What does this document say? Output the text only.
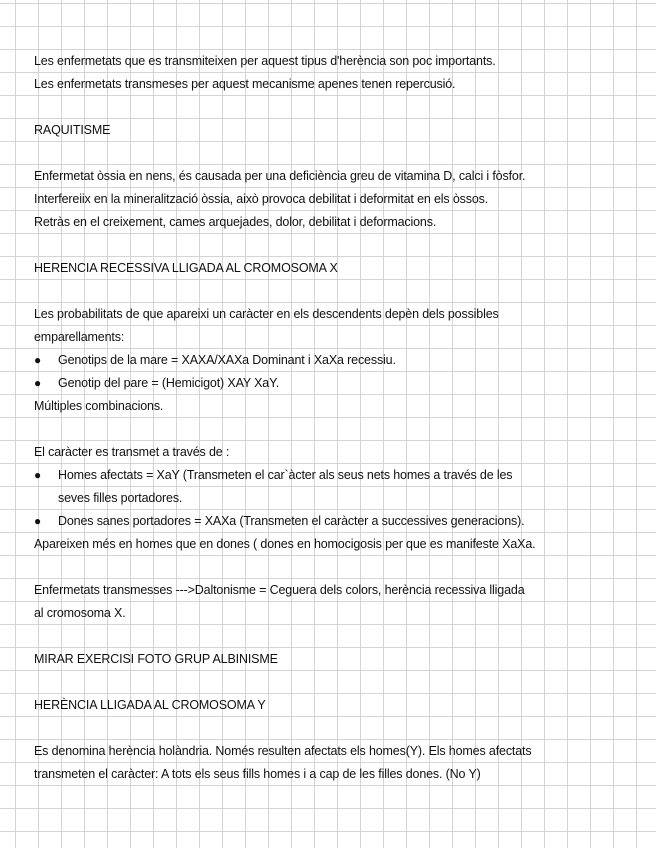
Les enfermetats que es transmiteixen per aquest tipus d'herència son poc importants.
Les enfermetats transmeses per aquest mecanisme apenes tenen repercusió.
RAQUITISME
Enfermetat òssia en nens, és causada per una deficiència greu de vitamina D, calci i fòsfor.
Interfereiix en la mineralització òssia, això provoca debilitat i deformitat en els òssos.
Retràs en el creixement, cames arquejades, dolor, debilitat i deformacions.
HERENCIA RECESSIVA LLIGADA AL CROMOSOMA X
Les probabilitats de que apareixi un caràcter en els descendents depèn dels possibles
emparellaments:
● Genotips de la mare = XAXA/XAXa Dominant i XaXa recessiu.
● Genotip del pare = (Hemicigot) XAY XaY.
Múltiples combinacions.
El caràcter es transmet a través de :
● Homes afectats = XaY (Transmeten el car`àcter als seus nets homes a través de les
seves filles portadores.
● Dones sanes portadores = XAXa (Transmeten el caràcter a successives generacions).
Apareixen més en homes que en dones ( dones en homocigosis per que es manifeste XaXa.
Enfermetats transmesses --->Daltonisme = Ceguera dels colors, herència recessiva lligada
al cromosoma X.
MIRAR EXERCISI FOTO GRUP ALBINISME
HERÈNCIA LLIGADA AL CROMOSOMA Y
Es denomina herència holàndria. Només resulten afectats els homes(Y). Els homes afectats
transmeten el caràcter: A tots els seus fills homes i a cap de les filles dones. (No Y)
